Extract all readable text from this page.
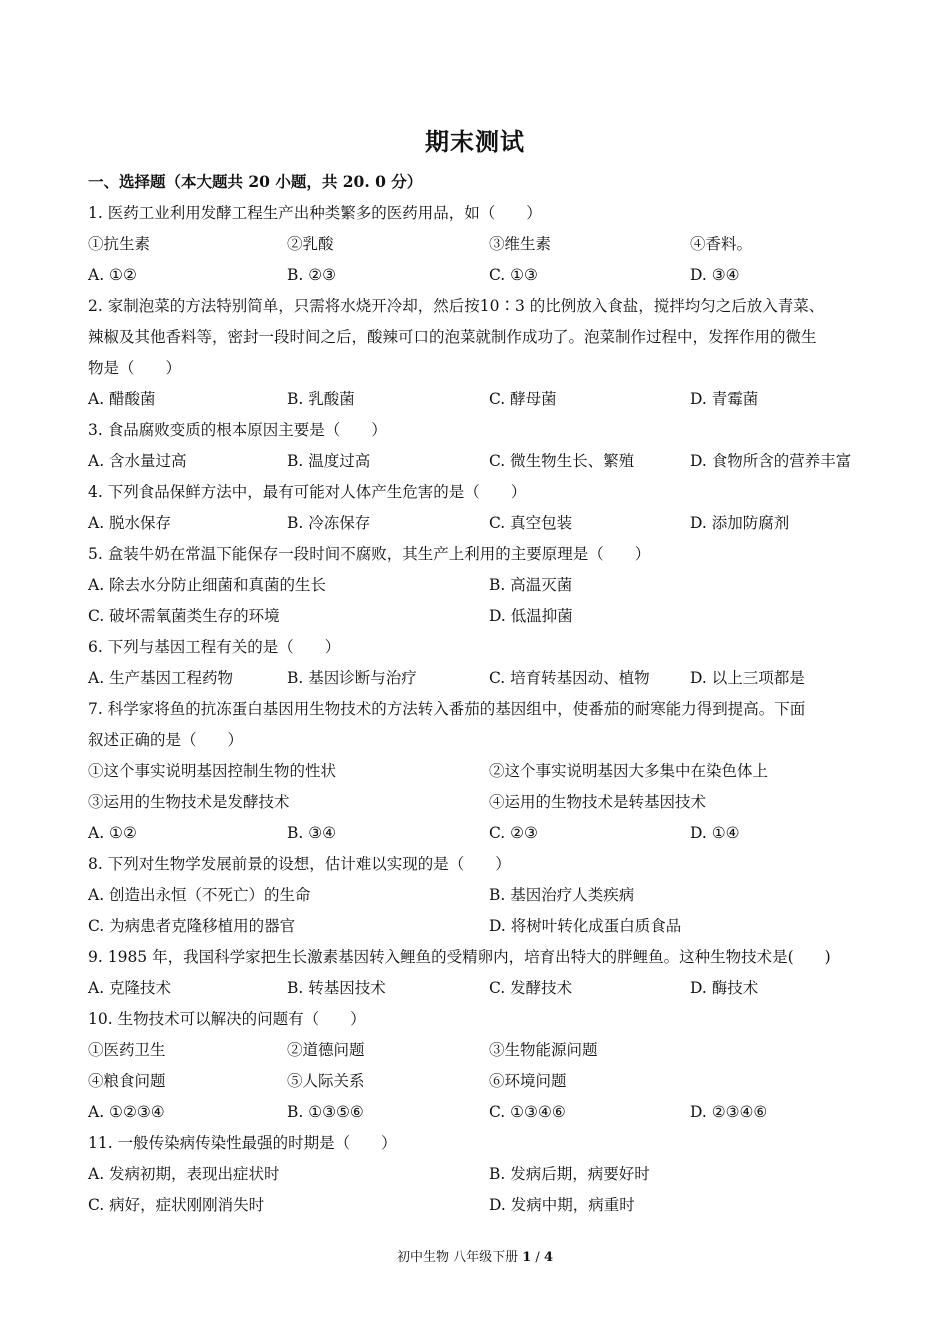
期末测试
一、选择题（本大题共 20 小题，共 20. 0 分）
1. 医药工业利用发酵工程生产出种类繁多的医药用品，如（　　）
①抗生素	②乳酸	③维生素	④香料。
A. ①②	B. ②③	C. ①③	D. ③④
2. 家制泡菜的方法特别简单，只需将水烧开冷却，然后按10∶3 的比例放入食盐，搅拌均匀之后放入青菜、
辣椒及其他香料等，密封一段时间之后，酸辣可口的泡菜就制作成功了。泡菜制作过程中，发挥作用的微生
物是（　　）
A. 醋酸菌	B. 乳酸菌	C. 酵母菌	D. 青霉菌
3. 食品腐败变质的根本原因主要是（　　）
A. 含水量过高	B. 温度过高	C. 微生物生长、繁殖	D. 食物所含的营养丰富
4. 下列食品保鲜方法中，最有可能对人体产生危害的是（　　）
A. 脱水保存	B. 冷冻保存	C. 真空包装	D. 添加防腐剂
5. 盒装牛奶在常温下能保存一段时间不腐败，其生产上利用的主要原理是（　　）
A. 除去水分防止细菌和真菌的生长	B. 高温灭菌
C. 破坏需氧菌类生存的环境	D. 低温抑菌
6. 下列与基因工程有关的是（　　）
A. 生产基因工程药物	B. 基因诊断与治疗	C. 培育转基因动、植物	D. 以上三项都是
7. 科学家将鱼的抗冻蛋白基因用生物技术的方法转入番茄的基因组中，使番茄的耐寒能力得到提高。下面
叙述正确的是（　　）
①这个事实说明基因控制生物的性状	②这个事实说明基因大多集中在染色体上
③运用的生物技术是发酵技术	④运用的生物技术是转基因技术
A. ①②	B. ③④	C. ②③	D. ①④
8. 下列对生物学发展前景的设想，估计难以实现的是（　　）
A. 创造出永恒（不死亡）的生命	B. 基因治疗人类疾病
C. 为病患者克隆移植用的器官	D. 将树叶转化成蛋白质食品
9. 1985 年，我国科学家把生长激素基因转入鲤鱼的受精卵内，培育出特大的胖鲤鱼。这种生物技术是(　　)
A. 克隆技术	B. 转基因技术	C. 发酵技术	D. 酶技术
10. 生物技术可以解决的问题有（　　）
①医药卫生	②道德问题	③生物能源问题
④粮食问题	⑤人际关系	⑥环境问题
A. ①②③④	B. ①③⑤⑥	C. ①③④⑥	D. ②③④⑥
11. 一般传染病传染性最强的时期是（　　）
A. 发病初期，表现出症状时	B. 发病后期，病要好时
C. 病好，症状刚刚消失时	D. 发病中期，病重时
初中生物 八年级下册 1 / 4
